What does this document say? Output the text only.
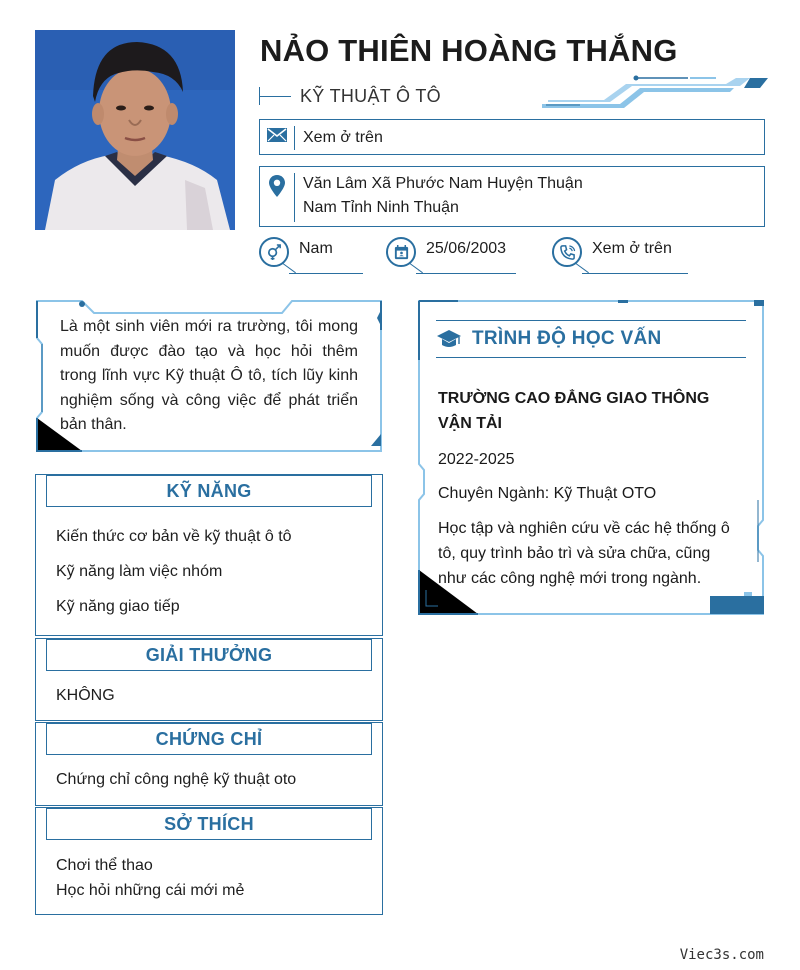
NẢO THIÊN HOÀNG THẮNG
KỸ THUẬT Ô TÔ
Xem ở trên
Văn Lâm Xã Phước Nam Huyện Thuận
Nam Tỉnh Ninh Thuận
Nam	25/06/2003	Xem ở trên
Là một sinh viên mới ra trường, tôi mong muốn được đào tạo và học hỏi thêm trong lĩnh vực Kỹ thuật Ô tô, tích lũy kinh nghiệm sống và công việc để phát triển bản thân.
KỸ NĂNG
Kiến thức cơ bản về kỹ thuật ô tô
Kỹ năng làm việc nhóm
Kỹ năng giao tiếp
GIẢI THƯỞNG
KHÔNG
CHỨNG CHỈ
Chứng chỉ công nghệ kỹ thuật oto
SỞ THÍCH
Chơi thể thao
Học hỏi những cái mới mẻ
TRÌNH ĐỘ HỌC VẤN
TRƯỜNG CAO ĐẲNG GIAO THÔNG VẬN TẢI
2022-2025
Chuyên Ngành: Kỹ Thuật OTO
Học tập và nghiên cứu về các hệ thống ô tô, quy trình bảo trì và sửa chữa, cũng như các công nghệ mới trong ngành.
Viec3s.com
